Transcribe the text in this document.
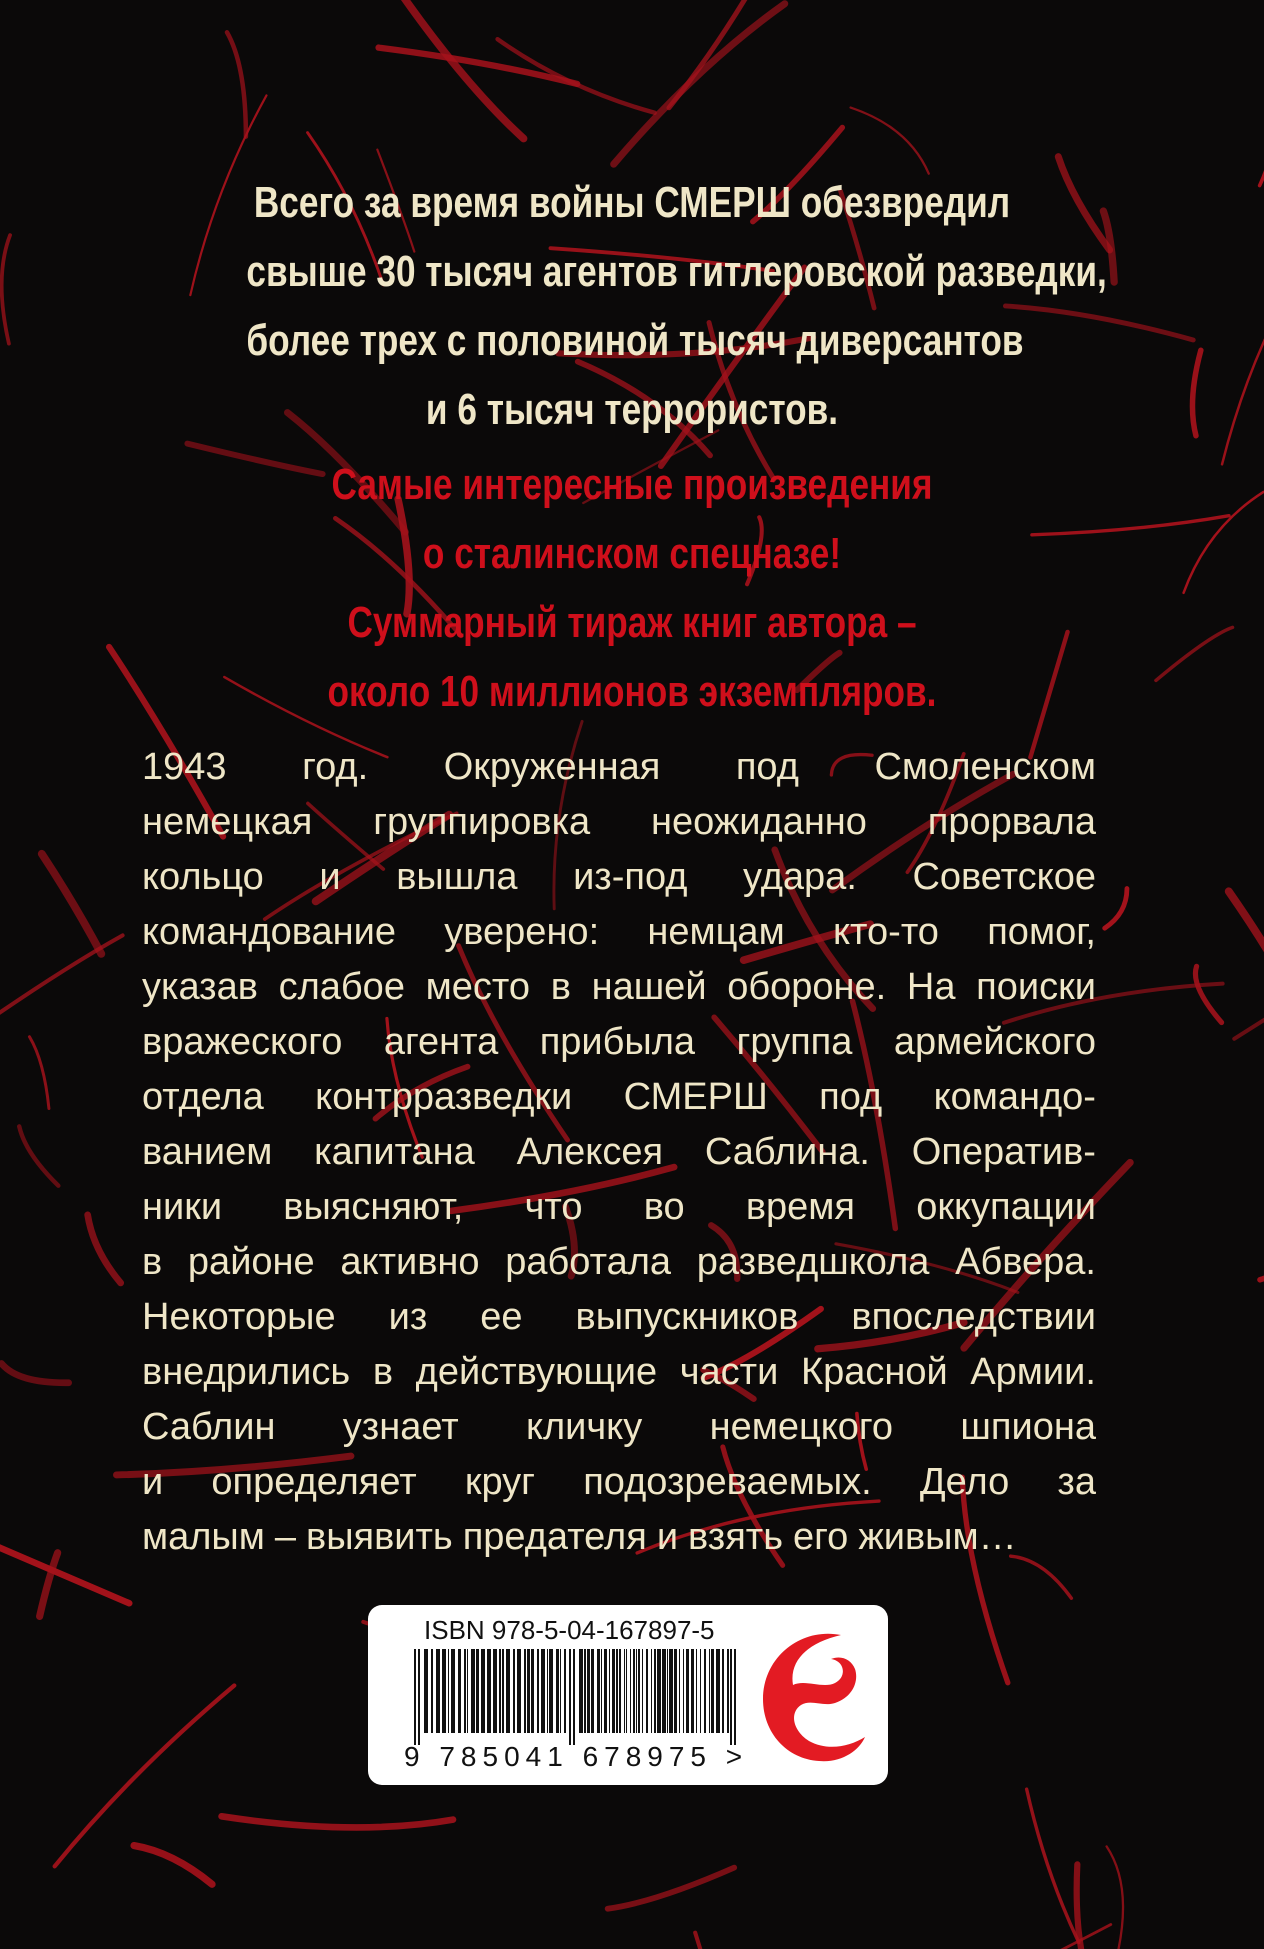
Всего за время войны СМЕРШ обезвредил
свыше 30 тысяч агентов гитлеровской разведки,
более трех с половиной тысяч диверсантов
и 6 тысяч террористов.
Самые интересные произведения
о сталинском спецназе!
Суммарный тираж книг автора –
около 10 миллионов экземпляров.
1943 год. Окруженная под Смоленском
немецкая группировка неожиданно прорвала
кольцо и вышла из-под удара. Советское
командование уверено: немцам кто-то помог,
указав слабое место в нашей обороне. На поиски
вражеского агента прибыла группа армейского
отдела контрразведки СМЕРШ под командо-
ванием капитана Алексея Саблина. Оператив-
ники выясняют, что во время оккупации
в районе активно работала разведшкола Абвера.
Некоторые из ее выпускников впоследствии
внедрились в действующие части Красной Армии.
Саблин узнает кличку немецкого шпиона
и определяет круг подозреваемых. Дело за
малым – выявить предателя и взять его живым…
ISBN 978-5-04-167897-5
9 785041 678975 >
